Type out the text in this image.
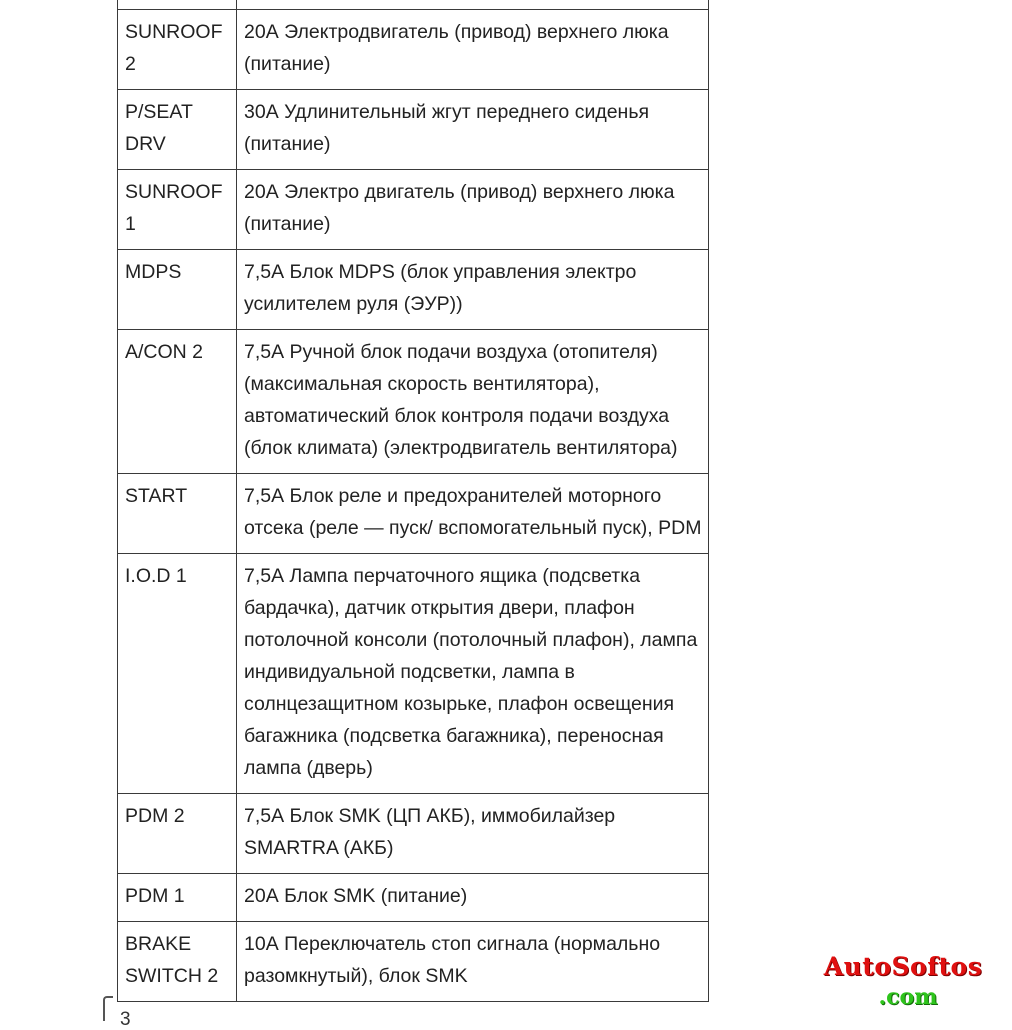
SUNROOF 2	20А Электродвигатель (привод) верхнего люка (питание)
P/SEAT DRV	30А Удлинительный жгут переднего сиденья (питание)
SUNROOF 1	20А Электро двигатель (привод) верхнего люка (питание)
MDPS	7,5А Блок MDPS (блок управления электро усилителем руля (ЭУР))
A/CON 2	7,5А Ручной блок подачи воздуха (отопителя) (максимальная скорость вентилятора), автоматический блок контроля подачи воздуха (блок климата) (электродвигатель вентилятора)
START	7,5А Блок реле и предохранителей моторного отсека (реле — пуск/ вспомогательный пуск), PDM
I.O.D 1	7,5А Лампа перчаточного ящика (подсветка бардачка), датчик открытия двери, плафон потолочной консоли (потолочный плафон), лампа индивидуальной подсветки, лампа в солнцезащитном козырьке, плафон освещения багажника (подсветка багажника), переносная лампа (дверь)
PDM 2	7,5А Блок SMK (ЦП АКБ), иммобилайзер SMARTRA (АКБ)
PDM 1	20А Блок SMK (питание)
BRAKE SWITCH 2	10А Переключатель стоп сигнала (нормально разомкнутый), блок SMK	AutoSoftos
.com
3
